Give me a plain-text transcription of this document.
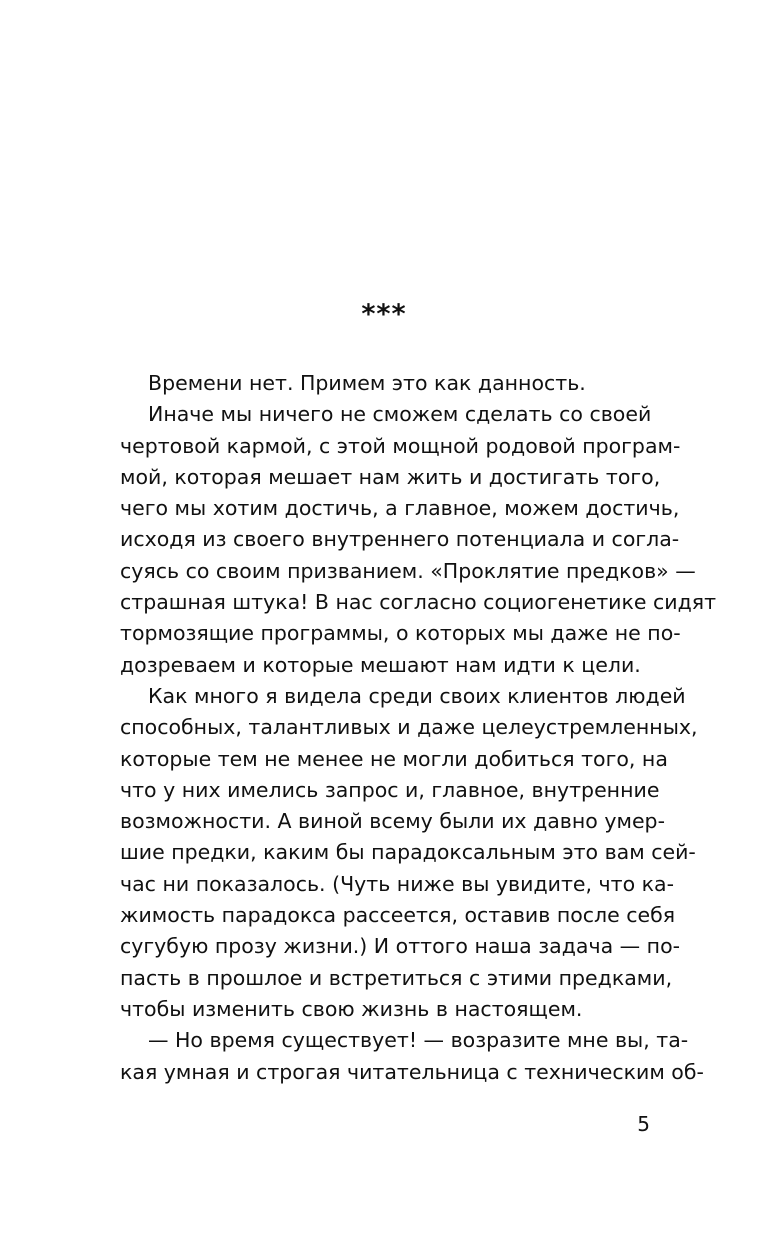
***
Времени нет. Примем это как данность.
Иначе мы ничего не сможем сделать со своей
чертовой кармой, с этой мощной родовой програм-
мой, которая мешает нам жить и достигать того,
чего мы хотим достичь, а главное, можем достичь,
исходя из своего внутреннего потенциала и согла-
суясь со своим призванием. «Проклятие предков» —
страшная штука! В нас согласно социогенетике сидят
тормозящие программы, о которых мы даже не по-
дозреваем и которые мешают нам идти к цели.
Как много я видела среди своих клиентов людей
способных, талантливых и даже целеустремленных,
которые тем не менее не могли добиться того, на
что у них имелись запрос и, главное, внутренние
возможности. А виной всему были их давно умер-
шие предки, каким бы парадоксальным это вам сей-
час ни показалось. (Чуть ниже вы увидите, что ка-
жимость парадокса рассеется, оставив после себя
сугубую прозу жизни.) И оттого наша задача — по-
пасть в прошлое и встретиться с этими предками,
чтобы изменить свою жизнь в настоящем.
— Но время существует! — возразите мне вы, та-
кая умная и строгая читательница с техническим об-
5
